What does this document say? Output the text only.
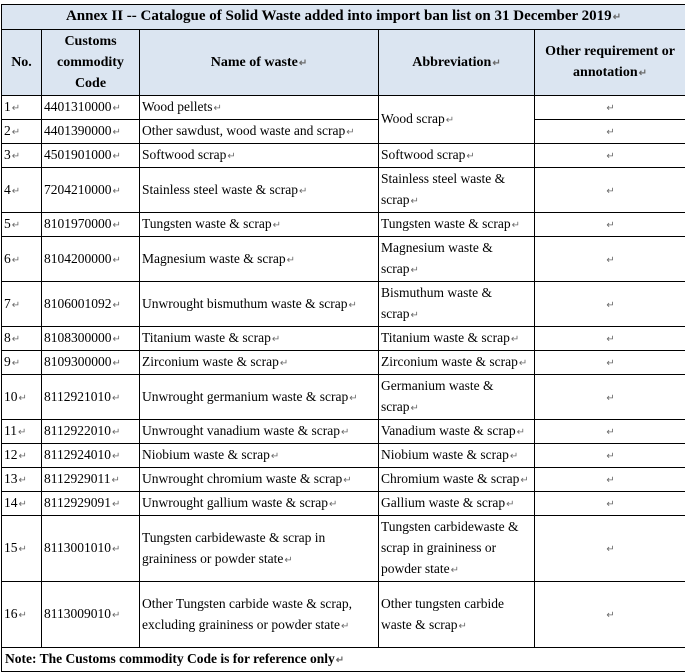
Annex II -- Catalogue of Solid Waste added into import ban list on 31 December 2019↵				
No.	Customs commodity Code	Name of waste↵	Abbreviation↵	Other requirement or annotation↵
1↵	4401310000↵	Wood pellets↵	Wood scrap↵	↵
2↵	4401390000↵	Other sawdust, wood waste and scrap↵		↵
3↵	4501901000↵	Softwood scrap↵	Softwood scrap↵	↵
4↵	7204210000↵	Stainless steel waste & scrap↵	Stainless steel waste & scrap↵	↵
5↵	8101970000↵	Tungsten waste & scrap↵	Tungsten waste & scrap↵	↵
6↵	8104200000↵	Magnesium waste & scrap↵	Magnesium waste & scrap↵	↵
7↵	8106001092↵	Unwrought bismuthum waste & scrap↵	Bismuthum waste & scrap↵	↵
8↵	8108300000↵	Titanium waste & scrap↵	Titanium waste & scrap↵	↵
9↵	8109300000↵	Zirconium waste & scrap↵	Zirconium waste & scrap↵	↵
10↵	8112921010↵	Unwrought germanium waste & scrap↵	Germanium waste & scrap↵	↵
11↵	8112922010↵	Unwrought vanadium waste & scrap↵	Vanadium waste & scrap↵	↵
12↵	8112924010↵	Niobium waste & scrap↵	Niobium waste & scrap↵	↵
13↵	8112929011↵	Unwrought chromium waste & scrap↵	Chromium waste & scrap↵	↵
14↵	8112929091↵	Unwrought gallium waste & scrap↵	Gallium waste & scrap↵	↵
15↵	8113001010↵	Tungsten carbidewaste & scrap in graininess or powder state↵	Tungsten carbidewaste & scrap in graininess or powder state↵	↵
16↵	8113009010↵	Other Tungsten carbide waste & scrap, excluding graininess or powder state↵	Other tungsten carbide waste & scrap↵	↵
Note: The Customs commodity Code is for reference only↵				
